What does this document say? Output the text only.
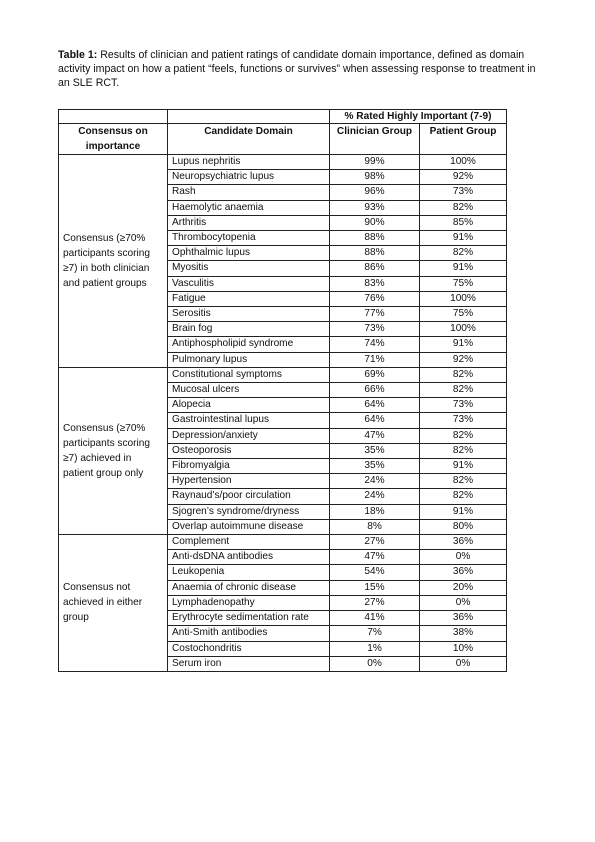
Table 1: Results of clinician and patient ratings of candidate domain importance, defined as domain activity impact on how a patient “feels, functions or survives” when assessing response to treatment in an SLE RCT.
		% Rated Highly Important (7-9)	
Consensus on importance	Candidate Domain	Clinician Group	Patient Group

Consensus (≥70% participants scoring ≥7) in both clinician and patient groups	Lupus nephritis	99%	100%
	Neuropsychiatric lupus	98%	92%
	Rash	96%	73%
	Haemolytic anaemia	93%	82%
	Arthritis	90%	85%
	Thrombocytopenia	88%	91%
	Ophthalmic lupus	88%	82%
	Myositis	86%	91%
	Vasculitis	83%	75%
	Fatigue	76%	100%
	Serositis	77%	75%
	Brain fog	73%	100%
	Antiphospholipid syndrome	74%	91%
	Pulmonary lupus	71%	92%
Consensus (≥70% participants scoring ≥7) achieved in patient group only	Constitutional symptoms	69%	82%
	Mucosal ulcers	66%	82%
	Alopecia	64%	73%
	Gastrointestinal lupus	64%	73%
	Depression/anxiety	47%	82%
	Osteoporosis	35%	82%
	Fibromyalgia	35%	91%
	Hypertension	24%	82%
	Raynaud’s/poor circulation	24%	82%
	Sjogren’s syndrome/dryness	18%	91%
	Overlap autoimmune disease	8%	80%
Consensus not achieved in either group	Complement	27%	36%
	Anti-dsDNA antibodies	47%	0%
	Leukopenia	54%	36%
	Anaemia of chronic disease	15%	20%
	Lymphadenopathy	27%	0%
	Erythrocyte sedimentation rate	41%	36%
	Anti-Smith antibodies	7%	38%
	Costochondritis	1%	10%
	Serum iron	0%	0%
